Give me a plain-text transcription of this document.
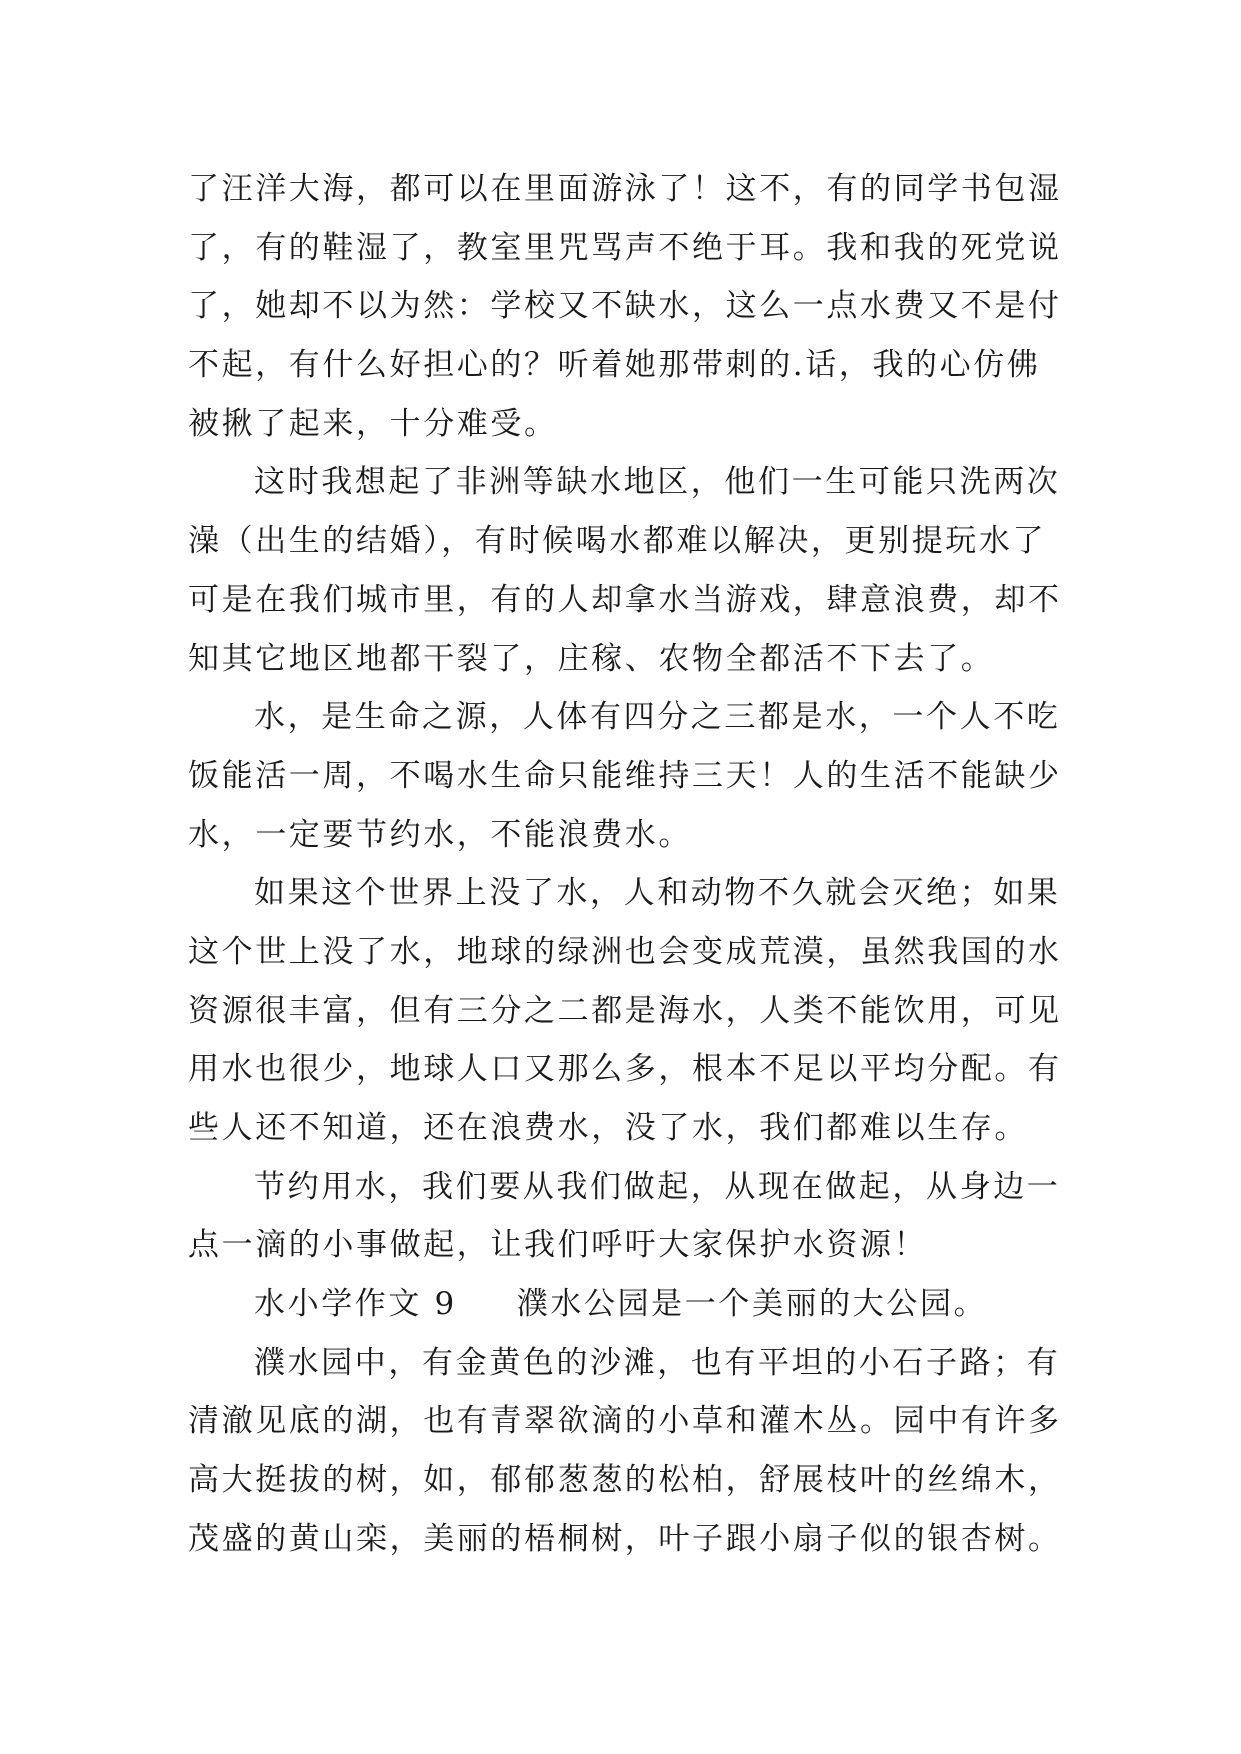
了汪洋大海，都可以在里面游泳了！这不，有的同学书包湿
了，有的鞋湿了，教室里咒骂声不绝于耳。我和我的死党说
了，她却不以为然：学校又不缺水，这么一点水费又不是付
不起，有什么好担心的？听着她那带刺的.话，我的心仿佛
被揪了起来，十分难受。
这时我想起了非洲等缺水地区，他们一生可能只洗两次
澡（出生的结婚），有时候喝水都难以解决，更别提玩水了
可是在我们城市里，有的人却拿水当游戏，肆意浪费，却不
知其它地区地都干裂了，庄稼、农物全都活不下去了。
水，是生命之源，人体有四分之三都是水，一个人不吃
饭能活一周，不喝水生命只能维持三天！人的生活不能缺少
水，一定要节约水，不能浪费水。
如果这个世界上没了水，人和动物不久就会灭绝；如果
这个世上没了水，地球的绿洲也会变成荒漠，虽然我国的水
资源很丰富，但有三分之二都是海水，人类不能饮用，可见
用水也很少，地球人口又那么多，根本不足以平均分配。有
些人还不知道，还在浪费水，没了水，我们都难以生存。
节约用水，我们要从我们做起，从现在做起，从身边一
点一滴的小事做起，让我们呼吁大家保护水资源！
水小学作文 9 濮水公园是一个美丽的大公园。
濮水园中，有金黄色的沙滩，也有平坦的小石子路；有
清澈见底的湖，也有青翠欲滴的小草和灌木丛。园中有许多
高大挺拔的树，如，郁郁葱葱的松柏，舒展枝叶的丝绵木，
茂盛的黄山栾，美丽的梧桐树，叶子跟小扇子似的银杏树。
